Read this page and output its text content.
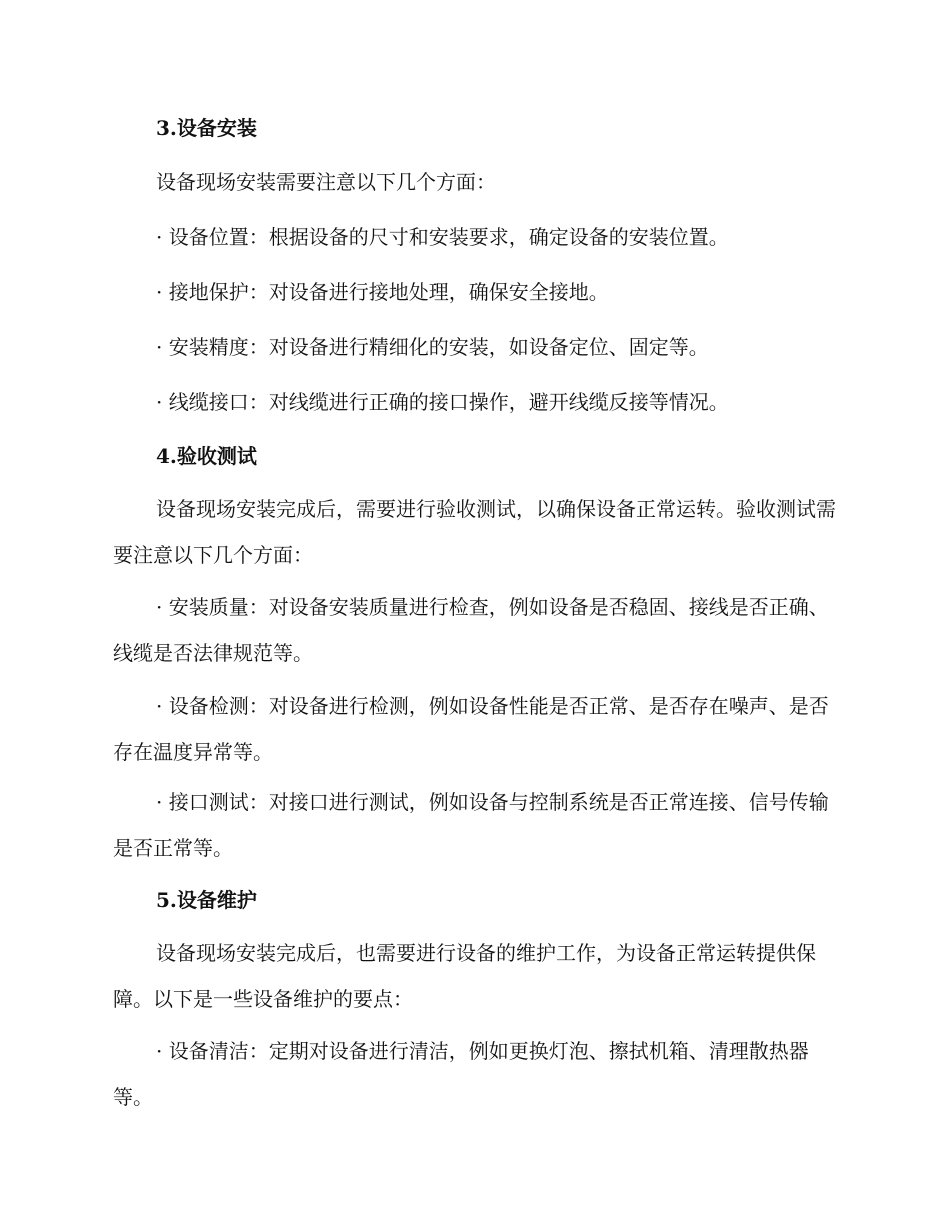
3.设备安装
设备现场安装需要注意以下几个方面：
· 设备位置：根据设备的尺寸和安装要求，确定设备的安装位置。
· 接地保护：对设备进行接地处理，确保安全接地。
· 安装精度：对设备进行精细化的安装，如设备定位、固定等。
· 线缆接口：对线缆进行正确的接口操作，避开线缆反接等情况。
4.验收测试

设备现场安装完成后，需要进行验收测试，以确保设备正常运转。验收测试需要注意以下几个方面：

· 安装质量：对设备安装质量进行检查，例如设备是否稳固、接线是否正确、线缆是否法律规范等。

· 设备检测：对设备进行检测，例如设备性能是否正常、是否存在噪声、是否存在温度异常等。

· 接口测试：对接口进行测试，例如设备与控制系统是否正常连接、信号传输是否正常等。

5.设备维护

设备现场安装完成后，也需要进行设备的维护工作，为设备正常运转提供保障。以下是一些设备维护的要点：

· 设备清洁：定期对设备进行清洁，例如更换灯泡、擦拭机箱、清理散热器等。
